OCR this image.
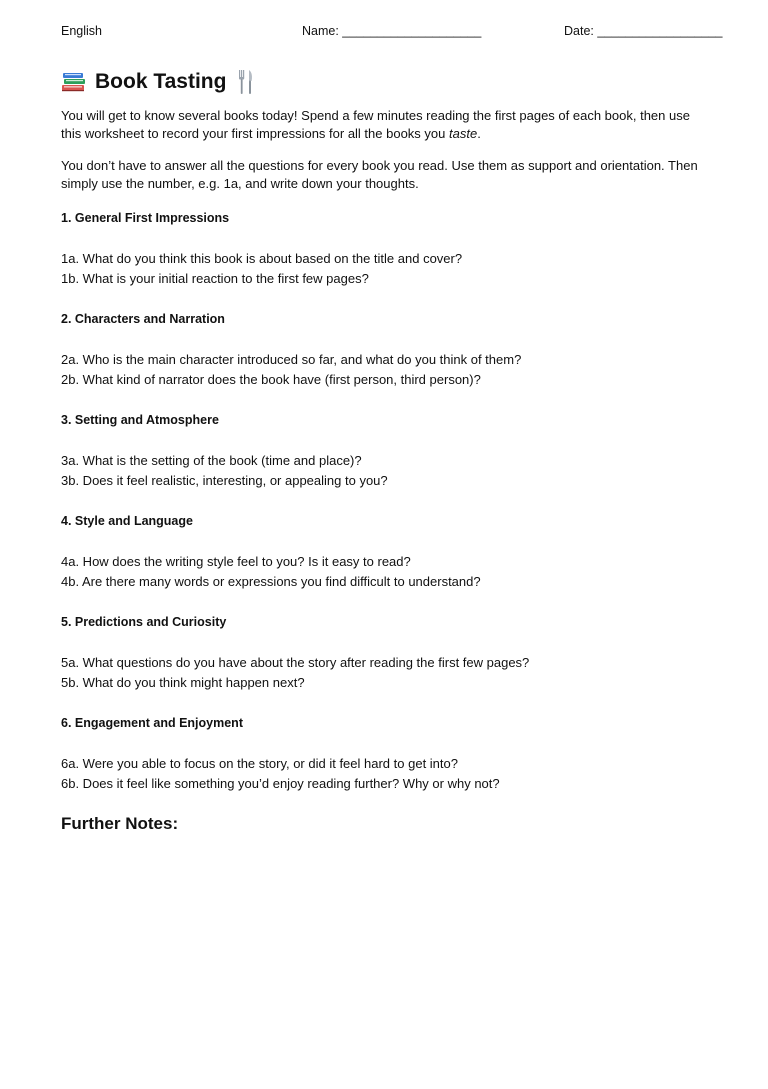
English	Name: ____________________	Date: __________________
Book Tasting
You will get to know several books today! Spend a few minutes reading the first pages of each book, then use this worksheet to record your first impressions for all the books you taste.
You don’t have to answer all the questions for every book you read. Use them as support and orientation. Then simply use the number, e.g. 1a, and write down your thoughts.
1. General First Impressions
1a. What do you think this book is about based on the title and cover?
1b. What is your initial reaction to the first few pages?
2. Characters and Narration
2a. Who is the main character introduced so far, and what do you think of them?
2b. What kind of narrator does the book have (first person, third person)?
3. Setting and Atmosphere
3a. What is the setting of the book (time and place)?
3b. Does it feel realistic, interesting, or appealing to you?
4. Style and Language
4a. How does the writing style feel to you? Is it easy to read?
4b. Are there many words or expressions you find difficult to understand?
5. Predictions and Curiosity
5a. What questions do you have about the story after reading the first few pages?
5b. What do you think might happen next?
6. Engagement and Enjoyment
6a. Were you able to focus on the story, or did it feel hard to get into?
6b. Does it feel like something you’d enjoy reading further? Why or why not?
Further Notes:
